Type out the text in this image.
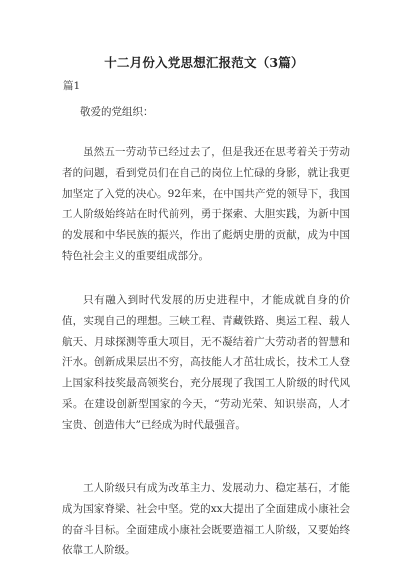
十二月份入党思想汇报范文（3篇）
篇1
敬爱的党组织：

虽然五一劳动节已经过去了，但是我还在思考着关于劳动者的问题，看到党员们在自己的岗位上忙碌的身影，就让我更加坚定了入党的决心。92年来，在中国共产党的领导下，我国工人阶级始终站在时代前列，勇于探索、大胆实践，为新中国的发展和中华民族的振兴，作出了彪炳史册的贡献，成为中国特色社会主义的重要组成部分。

只有融入到时代发展的历史进程中，才能成就自身的价值，实现自己的理想。三峡工程、青藏铁路、奥运工程、载人航天、月球探测等重大项目，无不凝结着广大劳动者的智慧和汗水。创新成果层出不穷，高技能人才茁壮成长，技术工人登上国家科技奖最高领奖台，充分展现了我国工人阶级的时代风采。在建设创新型国家的今天，“劳动光荣、知识崇高，人才宝贵、创造伟大”已经成为时代最强音。

工人阶级只有成为改革主力、发展动力、稳定基石，才能成为国家脊梁、社会中坚。党的xx大提出了全面建成小康社会的奋斗目标。全面建成小康社会既要造福工人阶级，又要始终依靠工人阶级。
